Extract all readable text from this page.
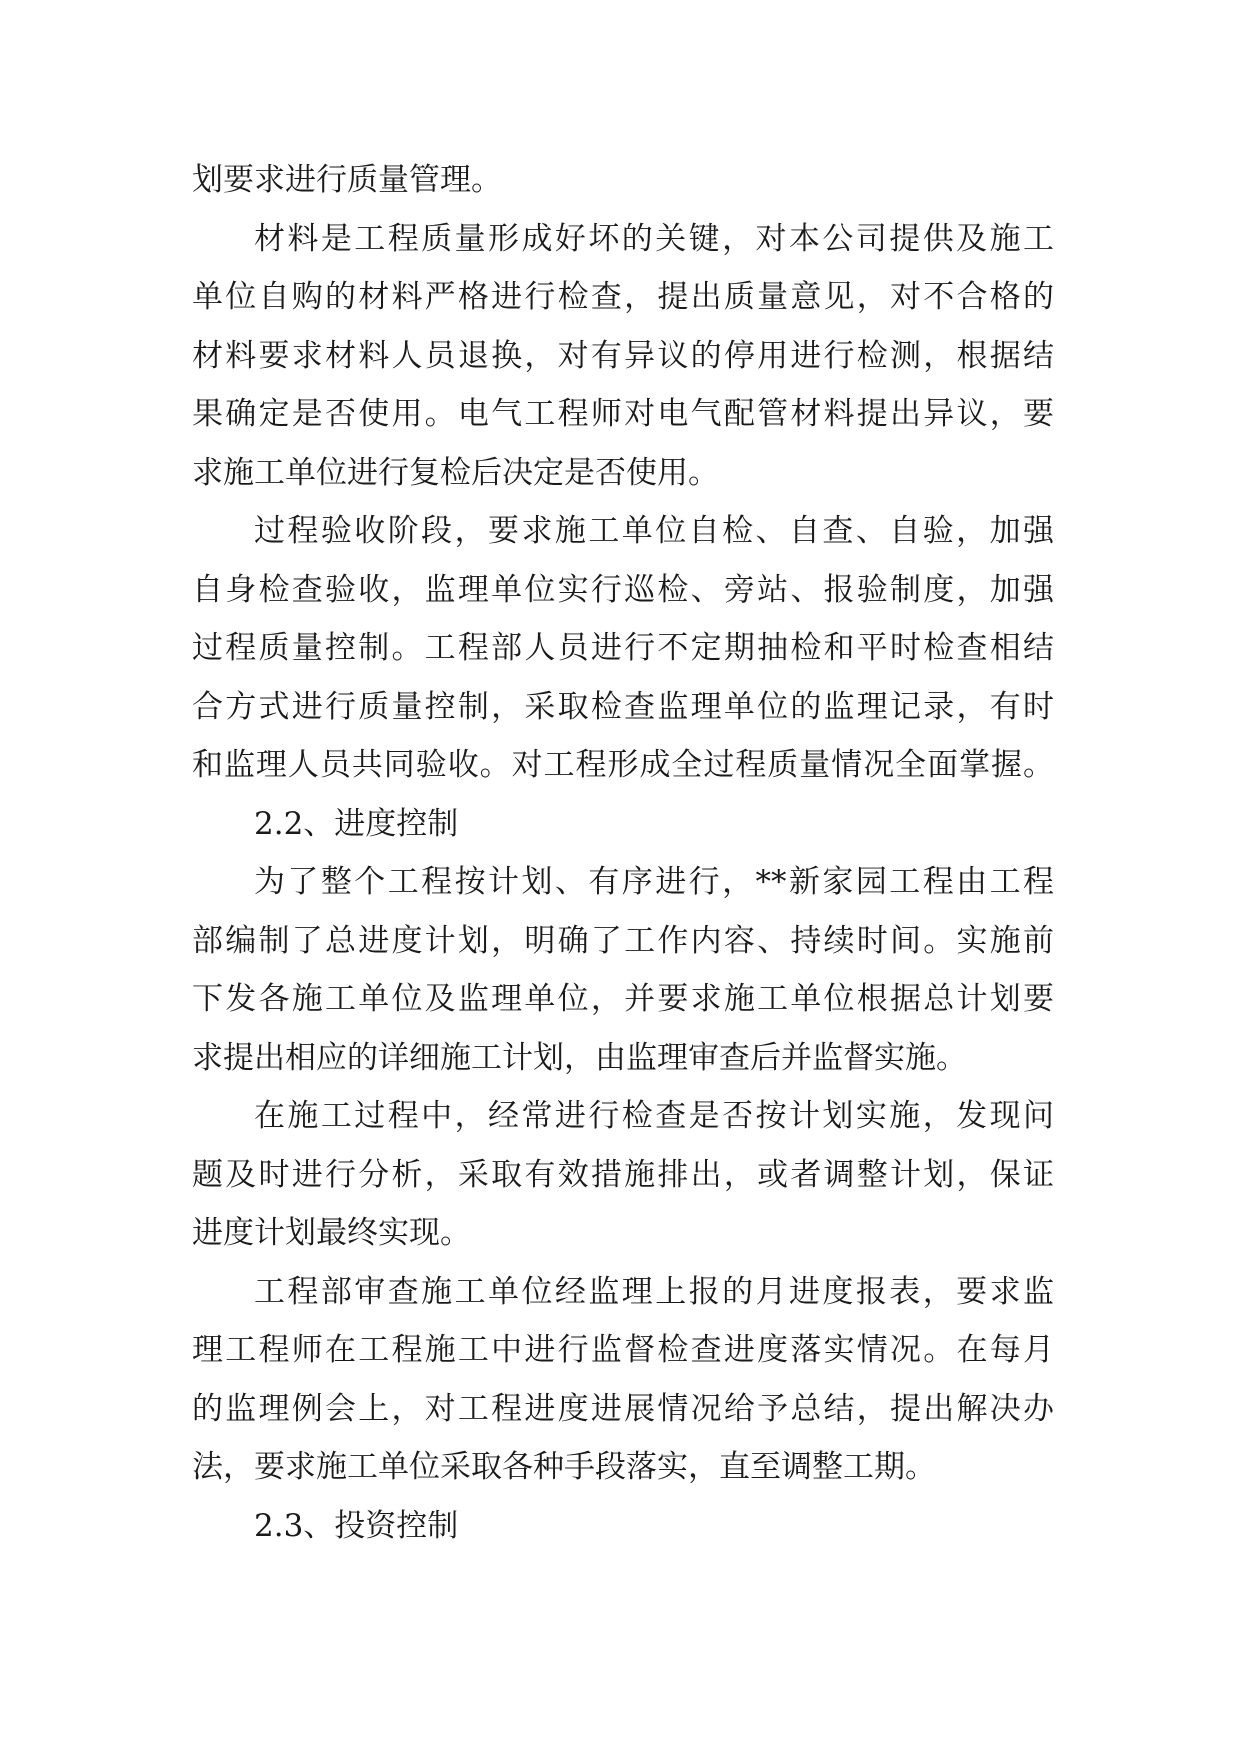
划要求进行质量管理。
材料是工程质量形成好坏的关键，对本公司提供及施工
单位自购的材料严格进行检查，提出质量意见，对不合格的
材料要求材料人员退换，对有异议的停用进行检测，根据结
果确定是否使用。电气工程师对电气配管材料提出异议，要
求施工单位进行复检后决定是否使用。
过程验收阶段，要求施工单位自检、自查、自验，加强
自身检查验收，监理单位实行巡检、旁站、报验制度，加强
过程质量控制。工程部人员进行不定期抽检和平时检查相结
合方式进行质量控制，采取检查监理单位的监理记录，有时
和监理人员共同验收。对工程形成全过程质量情况全面掌握。
2.2、进度控制
为了整个工程按计划、有序进行，**新家园工程由工程
部编制了总进度计划，明确了工作内容、持续时间。实施前
下发各施工单位及监理单位，并要求施工单位根据总计划要
求提出相应的详细施工计划，由监理审查后并监督实施。
在施工过程中，经常进行检查是否按计划实施，发现问
题及时进行分析，采取有效措施排出，或者调整计划，保证
进度计划最终实现。
工程部审查施工单位经监理上报的月进度报表，要求监
理工程师在工程施工中进行监督检查进度落实情况。在每月
的监理例会上，对工程进度进展情况给予总结，提出解决办
法，要求施工单位采取各种手段落实，直至调整工期。
2.3、投资控制
